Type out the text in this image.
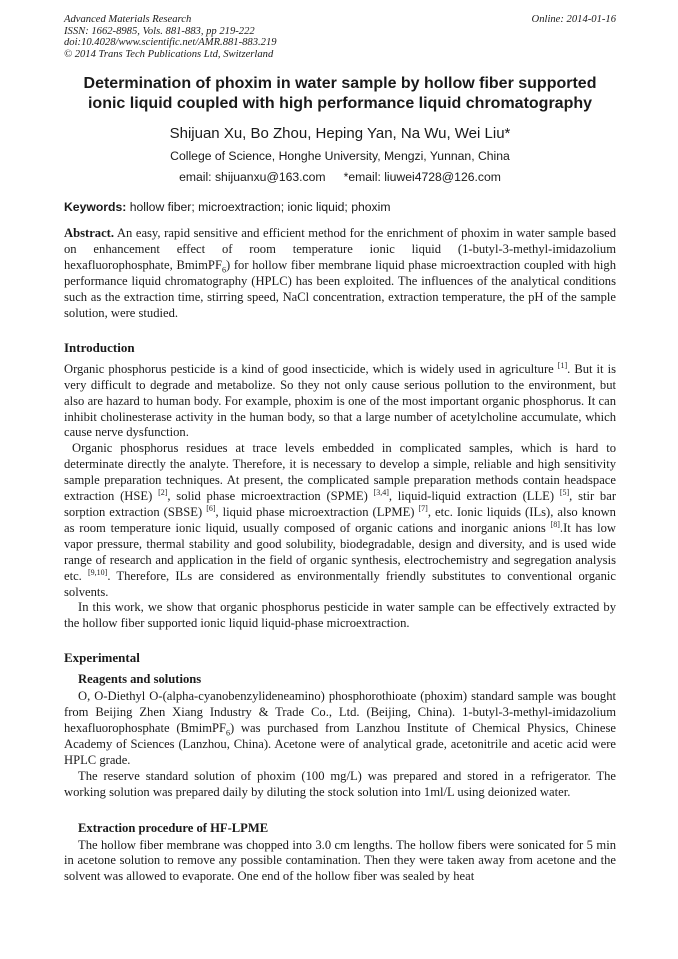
Advanced Materials Research
ISSN: 1662-8985, Vols. 881-883, pp 219-222
doi:10.4028/www.scientific.net/AMR.881-883.219
© 2014 Trans Tech Publications Ltd, Switzerland
Online: 2014-01-16
Determination of phoxim in water sample by hollow fiber supported ionic liquid coupled with high performance liquid chromatography
Shijuan Xu, Bo Zhou, Heping Yan, Na Wu, Wei Liu*
College of Science, Honghe University, Mengzi, Yunnan, China
email: shijuanxu@163.com *email: liuwei4728@126.com
Keywords: hollow fiber; microextraction; ionic liquid; phoxim

Abstract. An easy, rapid sensitive and efficient method for the enrichment of phoxim in water sample based on enhancement effect of room temperature ionic liquid (1-butyl-3-methyl-imidazolium hexafluorophosphate, BmimPF$_6$) for hollow fiber membrane liquid phase microextraction coupled with high performance liquid chromatography (HPLC) has been exploited. The influences of the analytical conditions such as the extraction time, stirring speed, NaCl concentration, extraction temperature, the pH of the sample solution, were studied.

Introduction

Organic phosphorus pesticide is a kind of good insecticide, which is widely used in agriculture [1]. But it is very difficult to degrade and metabolize. So they not only cause serious pollution to the environment, but also are hazard to human body. For example, phoxim is one of the most important organic phosphorus. It can inhibit cholinesterase activity in the human body, so that a large number of acetylcholine accumulate, which cause nerve dysfunction.

Organic phosphorus residues at trace levels embedded in complicated samples, which is hard to determinate directly the analyte. Therefore, it is necessary to develop a simple, reliable and high sensitivity sample preparation techniques. At present, the complicated sample preparation methods contain headspace extraction (HSE) [2], solid phase microextraction (SPME) [3,4], liquid-liquid extraction (LLE) [5], stir bar sorption extraction (SBSE) [6], liquid phase microextraction (LPME) [7], etc. Ionic liquids (ILs), also known as room temperature ionic liquid, usually composed of organic cations and inorganic anions [8].It has low vapor pressure, thermal stability and good solubility, biodegradable, design and diversity, and is used wide range of research and application in the field of organic synthesis, electrochemistry and segregation analysis etc. [9,10]. Therefore, ILs are considered as environmentally friendly substitutes to conventional organic solvents.

In this work, we show that organic phosphorus pesticide in water sample can be effectively extracted by the hollow fiber supported ionic liquid liquid-phase microextraction.

Experimental
Reagents and solutions

O, O-Diethyl O-(alpha-cyanobenzylideneamino) phosphorothioate (phoxim) standard sample was bought from Beijing Zhen Xiang Industry & Trade Co., Ltd. (Beijing, China). 1-butyl-3-methyl-imidazolium hexafluorophosphate (BmimPF$_6$) was purchased from Lanzhou Institute of Chemical Physics, Chinese Academy of Sciences (Lanzhou, China). Acetone were of analytical grade, acetonitrile and acetic acid were HPLC grade.

The reserve standard solution of phoxim (100 mg/L) was prepared and stored in a refrigerator. The working solution was prepared daily by diluting the stock solution into 1ml/L using deionized water.

Extraction procedure of HF-LPME

The hollow fiber membrane was chopped into 3.0 cm lengths. The hollow fibers were sonicated for 5 min in acetone solution to remove any possible contamination. Then they were taken away from acetone and the solvent was allowed to evaporate. One end of the hollow fiber was sealed by heat
